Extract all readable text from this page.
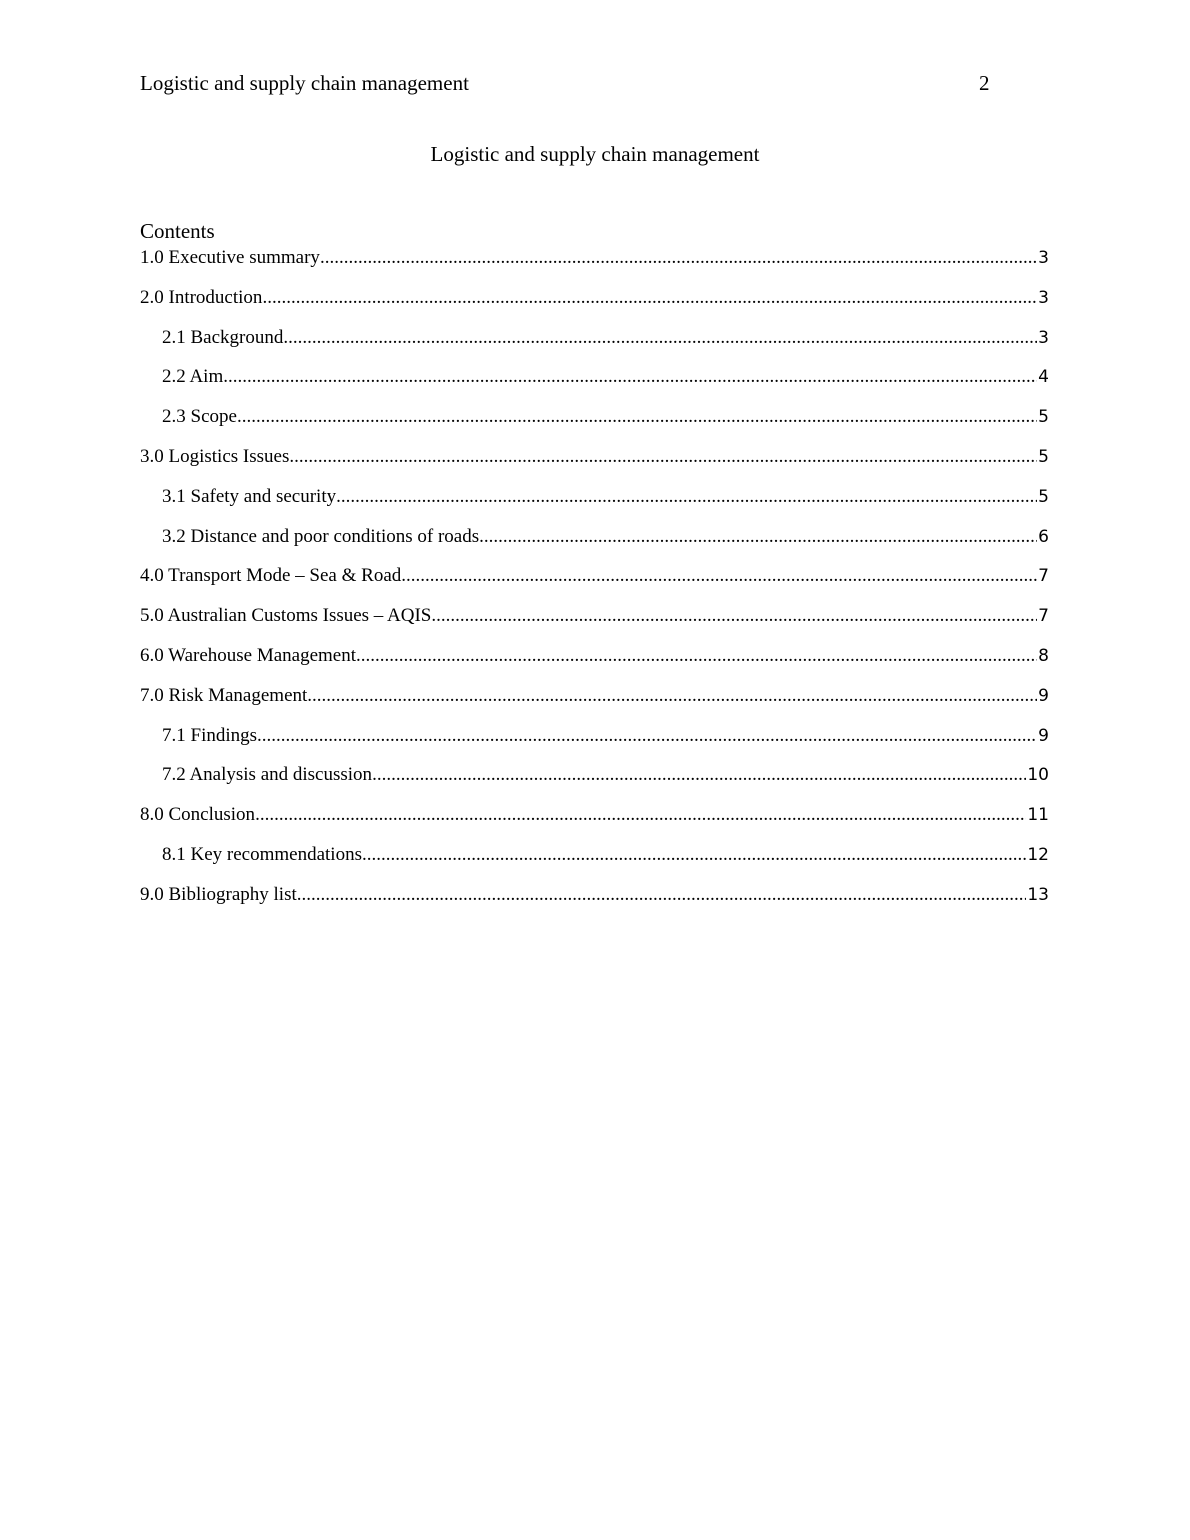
Logistic and supply chain management	2
Logistic and supply chain management
Contents
1.0 Executive summary .....	3
2.0 Introduction .....	3
2.1 Background .....	3
2.2 Aim .....	4
2.3 Scope .....	5
3.0 Logistics Issues .....	5
3.1 Safety and security .....	5
3.2 Distance and poor conditions of roads .....	6
4.0 Transport Mode – Sea & Road .....	7
5.0 Australian Customs Issues – AQIS .....	7
6.0 Warehouse Management .....	8
7.0 Risk Management .....	9
7.1 Findings .....	9
7.2 Analysis and discussion .....	10
8.0 Conclusion .....	11
8.1 Key recommendations .....	12
9.0 Bibliography list .....	13
